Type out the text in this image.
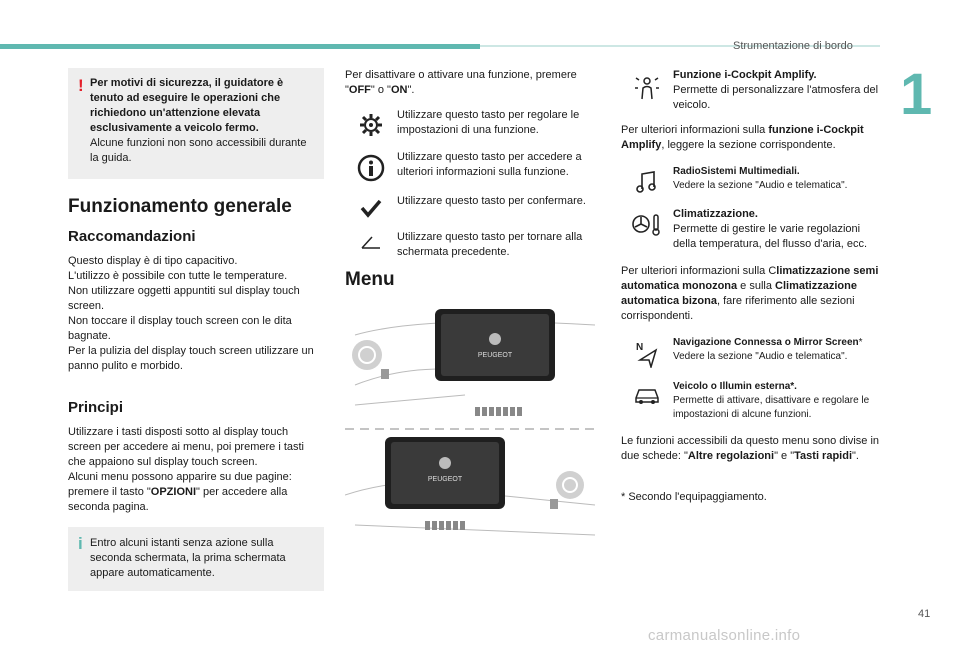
Strumentazione di bordo
1
! Per motivi di sicurezza, il guidatore è tenuto ad eseguire le operazioni che richiedono un'attenzione elevata esclusivamente a veicolo fermo.

Alcune funzioni non sono accessibili durante la guida.

Funzionamento generale
Raccomandazioni

Questo display è di tipo capacitivo.

L'utilizzo è possibile con tutte le temperature.

Non utilizzare oggetti appuntiti sul display touch screen.

Non toccare il display touch screen con le dita bagnate.

Per la pulizia del display touch screen utilizzare un panno pulito e morbido.

Principi

Utilizzare i tasti disposti sotto al display touch screen per accedere ai menu, poi premere i tasti che appaiono sul display touch screen.

Alcuni menu possono apparire su due pagine: premere il tasto "OPZIONI" per accedere alla seconda pagina.

i Entro alcuni istanti senza azione sulla seconda schermata, la prima schermata appare automaticamente.

Per disattivare o attivare una funzione, premere "OFF" o "ON".

Utilizzare questo tasto per regolare le impostazioni di una funzione.
Utilizzare questo tasto per accedere a ulteriori informazioni sulla funzione.
Utilizzare questo tasto per confermare.
Utilizzare questo tasto per tornare alla schermata precedente.
Menu
PEUGEOT
PEUGEOT

Funzione i-Cockpit Amplify.

Permette di personalizzare l'atmosfera del veicolo.

Per ulteriori informazioni sulla funzione i-Cockpit Amplify, leggere la sezione corrispondente.

RadioSistemi Multimediali.

Vedere la sezione "Audio e telematica".

Climatizzazione.

Permette di gestire le varie regolazioni della temperatura, del flusso d'aria, ecc.

Per ulteriori informazioni sulla Climatizzazione semi automatica monozona e sulla Climatizzazione automatica bizona, fare riferimento alle sezioni corrispondenti.

N	Navigazione Connessa o Mirror Screen*

Vedere la sezione "Audio e telematica".

Veicolo o Illumin esterna*.

Permette di attivare, disattivare e regolare le impostazioni di alcune funzioni.

Le funzioni accessibili da questo menu sono divise in due schede: "Altre regolazioni" e "Tasti rapidi".

* Secondo l'equipaggiamento.

41
carmanualsonline.info
